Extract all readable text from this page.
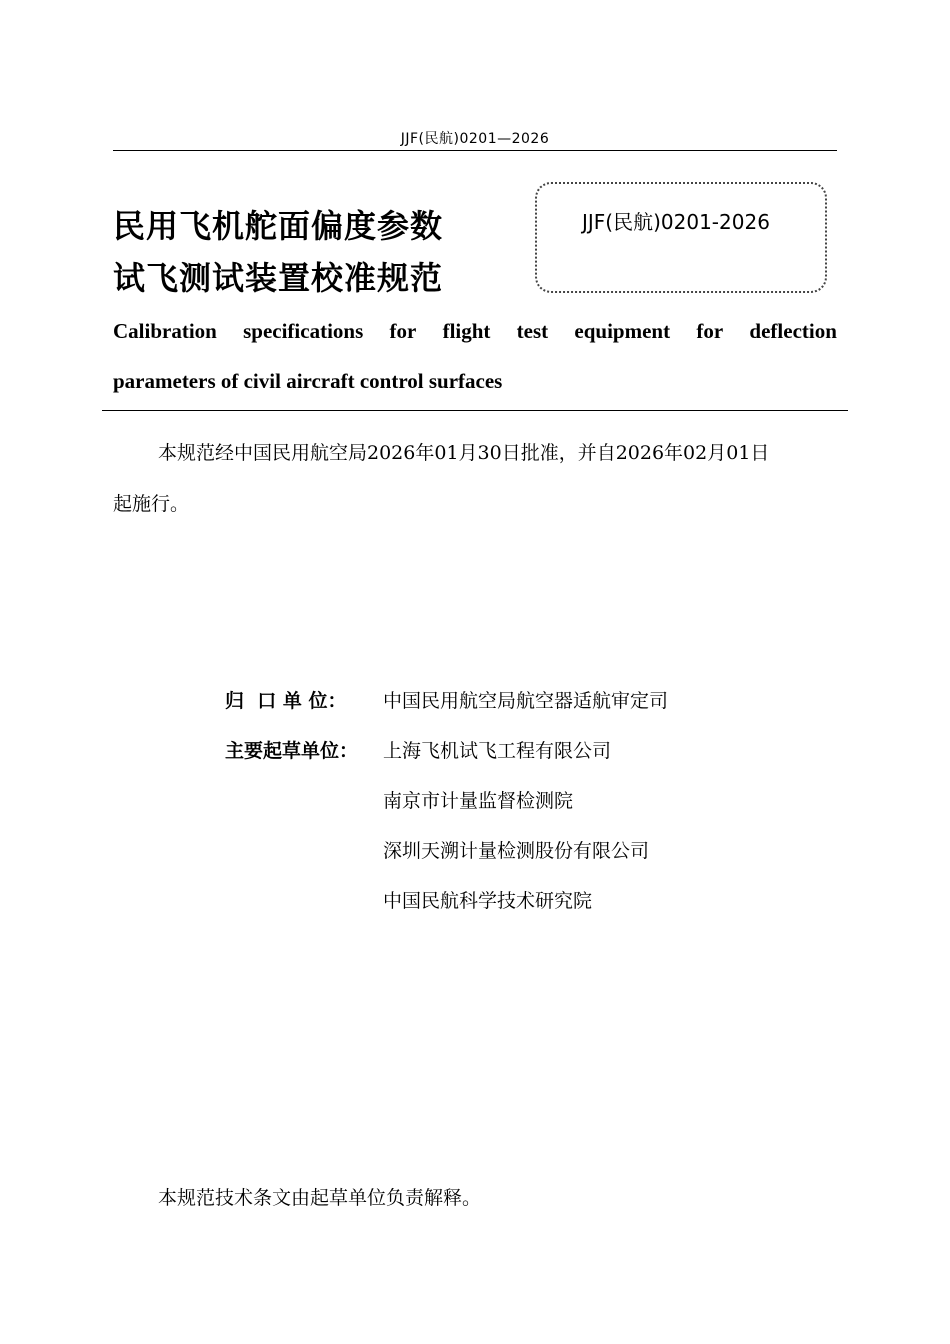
JJF(民航)0201—2026
民用飞机舵面偏度参数
试飞测试装置校准规范
JJF(民航)0201-2026
Calibration specifications for flight test equipment for deflection
parameters of civil aircraft control surfaces
本规范经中国民用航空局2026年01月30日批准，并自2026年02月01日
起施行。
归  口 单 位：	中国民用航空局航空器适航审定司
主要起草单位：	上海飞机试飞工程有限公司
南京市计量监督检测院
深圳天溯计量检测股份有限公司
中国民航科学技术研究院
本规范技术条文由起草单位负责解释。
